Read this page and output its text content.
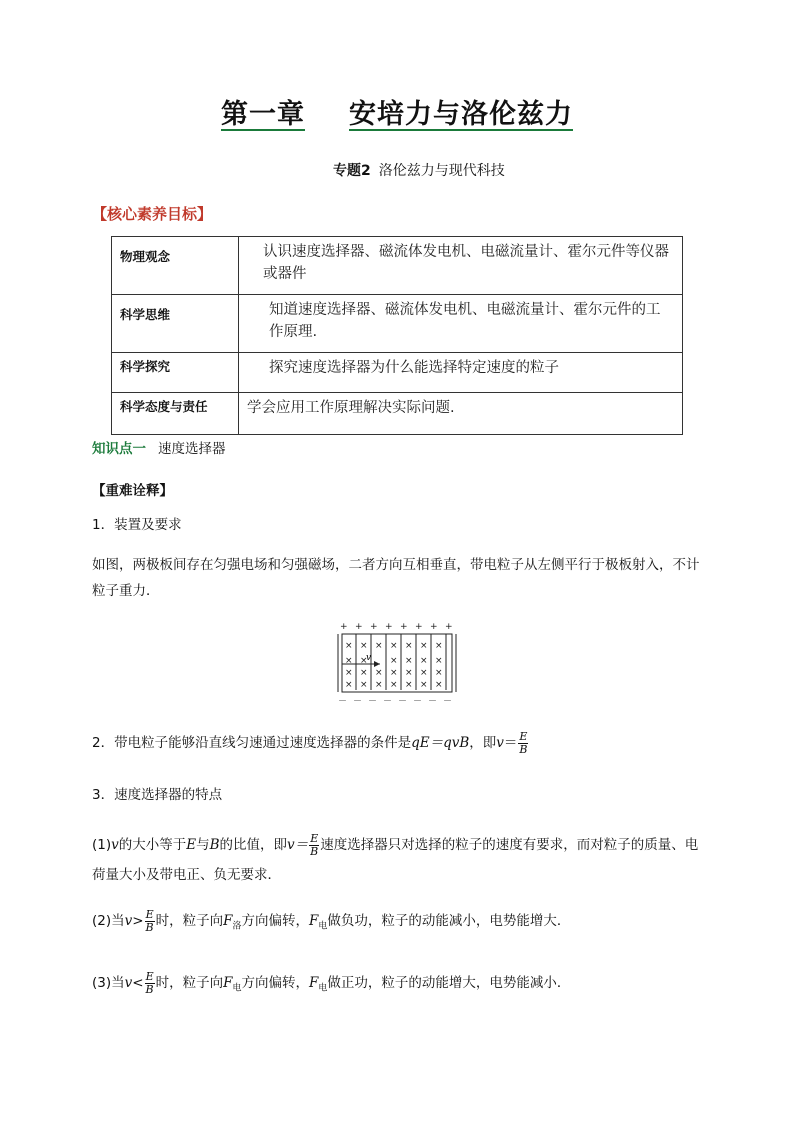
第一章 安培力与洛伦兹力
专题2 洛伦兹力与现代科技
【核心素养目标】
物理观念	认识速度选择器、磁流体发电机、电磁流量计、霍尔元件等仪器或器件
科学思维	知道速度选择器、磁流体发电机、电磁流量计、霍尔元件的工作原理.
科学探究	探究速度选择器为什么能选择特定速度的粒子
科学态度与责任	学会应用工作原理解决实际问题.
知识点一 速度选择器
【重难诠释】
1．装置及要求
如图，两极板间存在匀强电场和匀强磁场，二者方向互相垂直，带电粒子从左侧平行于极板射入，不计粒子重力．
+ + + + + + + +
v
× × × × × × ×
× × × × × ×
× × × × × × ×
× × × × × × ×
－ － － － － － － －
2．带电粒子能够沿直线匀速通过速度选择器的条件是qE＝qvB，即$v= \frac{E}{B}$
3．速度选择器的特点
(1)v的大小等于E与B的比值，即$v= \frac{E}{B}$ 速度选择器只对选择的粒子的速度有要求，而对粒子的质量、电荷量大小及带电正、负无要求．
(2)当$v> \frac{E}{B}$ 时，粒子向$F_洛$方向偏转，$F_电$做负功，粒子的动能减小，电势能增大．
(3)当$v< \frac{E}{B}$ 时，粒子向$F_电$方向偏转，$F_电$做正功，粒子的动能增大，电势能减小．
